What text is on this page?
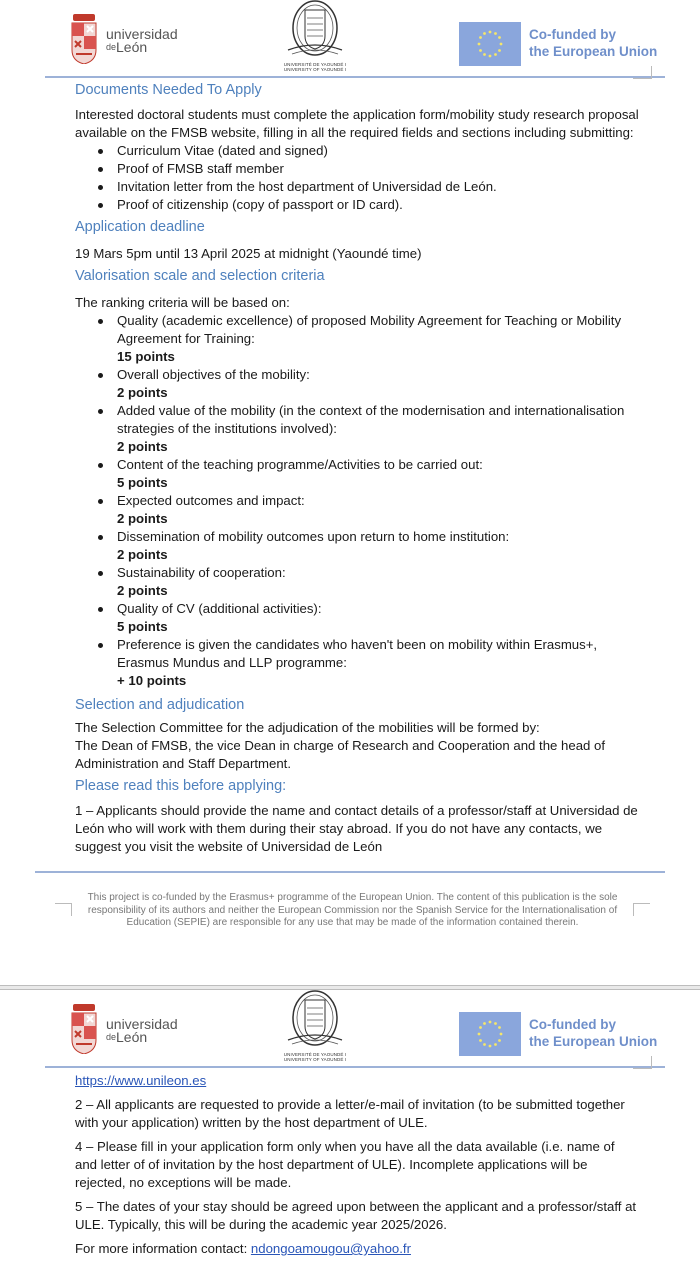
universidad
$^{de}$León
UNIVERSITÉ DE YAOUNDÉ I
UNIVERSITY OF YAOUNDÉ I
Co-funded by
the European Union
Documents Needed To Apply

Interested doctoral students must complete the application form/mobility study research proposal available on the FMSB website, filling in all the required fields and sections including submitting:

Curriculum Vitae (dated and signed)
Proof of FMSB staff member
Invitation letter from the host department of Universidad de León.
Proof of citizenship (copy of passport or ID card).
Application deadline

19 Mars 5pm until 13 April 2025 at midnight (Yaoundé time)

Valorisation scale and selection criteria

The ranking criteria will be based on:

Quality (academic excellence) of proposed Mobility Agreement for Teaching or Mobility Agreement for Training:
15 points
Overall objectives of the mobility:
2 points
Added value of the mobility (in the context of the modernisation and internationalisation strategies of the institutions involved):
2 points
Content of the teaching programme/Activities to be carried out:
5 points
Expected outcomes and impact:
2 points
Dissemination of mobility outcomes upon return to home institution:
2 points
Sustainability of cooperation:
2 points
Quality of CV (additional activities):
5 points
Preference is given the candidates who haven't been on mobility within Erasmus+, Erasmus Mundus and LLP programme:
+ 10 points
Selection and adjudication

The Selection Committee for the adjudication of the mobilities will be formed by:

The Dean of FMSB, the vice Dean in charge of Research and Cooperation and the head of Administration and Staff Department.

Please read this before applying:

1 – Applicants should provide the name and contact details of a professor/staff at Universidad de León who will work with them during their stay abroad. If you do not have any contacts, we suggest you visit the website of Universidad de León

This project is co-funded by the Erasmus+ programme of the European Union. The content of this publication is the sole responsibility of its authors and neither the European Commission nor the Spanish Service for the Internationalisation of Education (SEPIE) are responsible for any use that may be made of the information contained therein.
universidad
$^{de}$León
UNIVERSITÉ DE YAOUNDÉ I
UNIVERSITY OF YAOUNDÉ I
Co-funded by
the European Union

https://www.unileon.es

2 – All applicants are requested to provide a letter/e-mail of invitation (to be submitted together with your application) written by the host department of ULE.

4 – Please fill in your application form only when you have all the data available (i.e. name of and letter of of invitation by the host department of ULE). Incomplete applications will be rejected, no exceptions will be made.

5 – The dates of your stay should be agreed upon between the applicant and a professor/staff at ULE. Typically, this will be during the academic year 2025/2026.

For more information contact: ndongoamougou@yahoo.fr
